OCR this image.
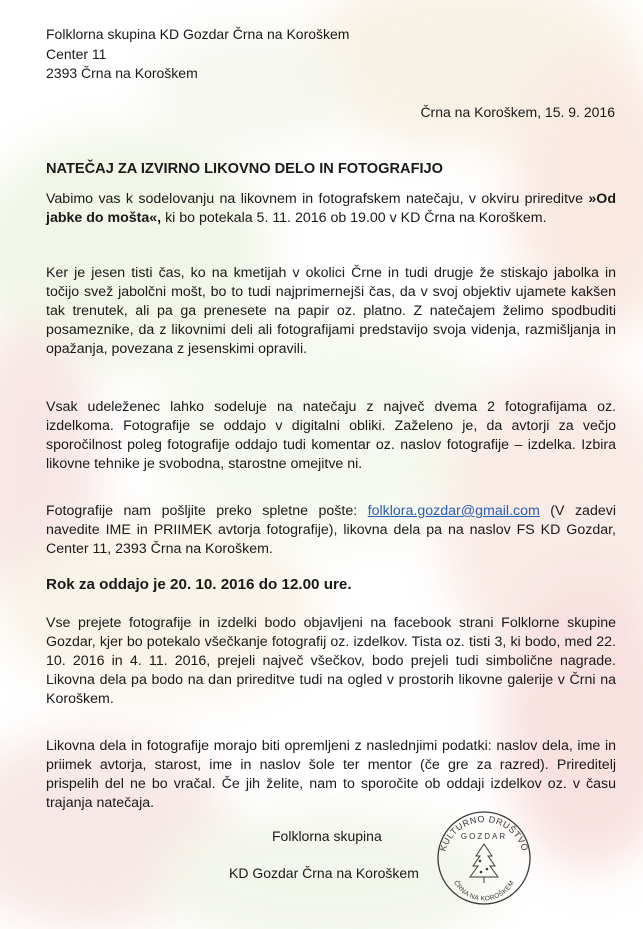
Folklorna skupina KD Gozdar Črna na Koroškem
Center 11
2393 Črna na Koroškem
Črna na Koroškem, 15. 9. 2016
NATEČAJ ZA IZVIRNO LIKOVNO DELO IN FOTOGRAFIJO

Vabimo vas k sodelovanju na likovnem in fotografskem natečaju, v okviru prireditve »Od jabke do mošta«, ki bo potekala 5. 11. 2016 ob 19.00 v KD Črna na Koroškem.

Ker je jesen tisti čas, ko na kmetijah v okolici Črne in tudi drugje že stiskajo jabolka in točijo svež jabolčni mošt, bo to tudi najprimernejši čas, da v svoj objektiv ujamete kakšen tak trenutek, ali pa ga prenesete na papir oz. platno. Z natečajem želimo spodbuditi posameznike, da z likovnimi deli ali fotografijami predstavijo svoja videnja, razmišljanja in opažanja, povezana z jesenskimi opravili.

Vsak udeleženec lahko sodeluje na natečaju z največ dvema 2 fotografijama oz. izdelkoma. Fotografije se oddajo v digitalni obliki. Zaželeno je, da avtorji za večjo sporočilnost poleg fotografije oddajo tudi komentar oz. naslov fotografije – izdelka. Izbira likovne tehnike je svobodna, starostne omejitve ni.

Fotografije nam pošljite preko spletne pošte: folklora.gozdar@gmail.com (V zadevi navedite IME in PRIIMEK avtorja fotografije), likovna dela pa na naslov FS KD Gozdar, Center 11, 2393 Črna na Koroškem.

Rok za oddajo je 20. 10. 2016 do 12.00 ure.

Vse prejete fotografije in izdelki bodo objavljeni na facebook strani Folklorne skupine Gozdar, kjer bo potekalo všečkanje fotografij oz. izdelkov. Tista oz. tisti 3, ki bodo, med 22. 10. 2016 in 4. 11. 2016, prejeli največ všečkov, bodo prejeli tudi simbolične nagrade. Likovna dela pa bodo na dan prireditve tudi na ogled v prostorih likovne galerije v Črni na Koroškem.

Likovna dela in fotografije morajo biti opremljeni z naslednjimi podatki: naslov dela, ime in priimek avtorja, starost, ime in naslov šole ter mentor (če gre za razred). Prireditelj prispelih del ne bo vračal. Če jih želite, nam to sporočite ob oddaji izdelkov oz. v času trajanja natečaja.

Folklorna skupina
KD Gozdar Črna na Koroškem
KULTURNO DRUŠTVO
GOZDAR
ČRNA NA KOROŠKEM
